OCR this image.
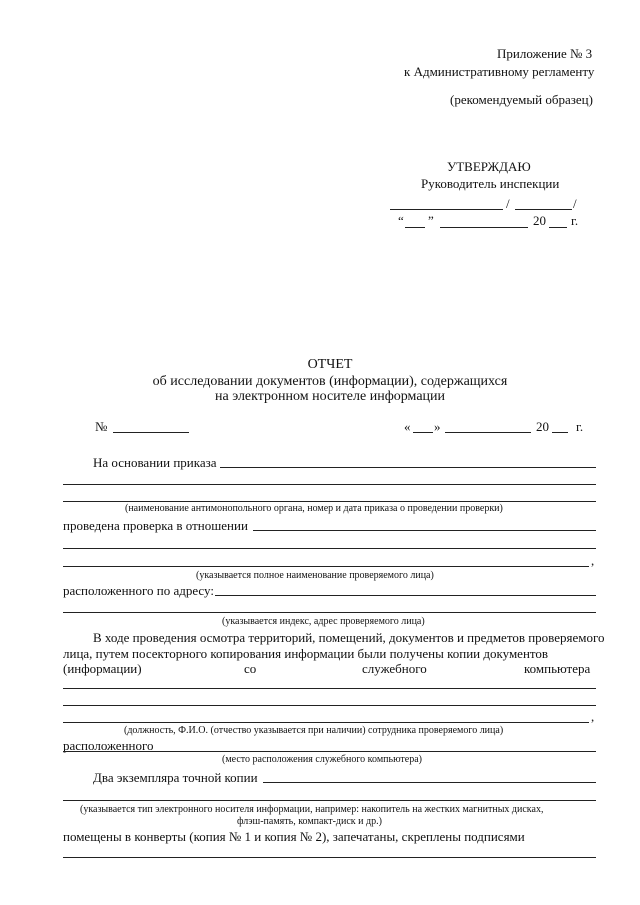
Приложение № 3
к Административному регламенту
(рекомендуемый образец)
УТВЕРЖДАЮ
Руководитель инспекции
/	/
“ ”	20 г.
ОТЧЕТ
об исследовании документов (информации), содержащихся
на электронном носителе информации
№	« »	20 г.
На основании приказа
(наименование антимонопольного органа, номер и дата приказа о проведении проверки)
проведена проверка в отношении
,
(указывается полное наименование проверяемого лица)
расположенного по адресу:
(указывается индекс, адрес проверяемого лица)
В ходе проведения осмотра территорий, помещений, документов и предметов проверяемого
лица, путем посекторного копирования информации были получены копии документов
(информации)	со	служебного	компьютера
,
(должность, Ф.И.О. (отчество указывается при наличии) сотрудника проверяемого лица)
расположенного
(место расположения служебного компьютера)
Два экземпляра точной копии
(указывается тип электронного носителя информации, например: накопитель на жестких магнитных дисках,
флэш-память, компакт-диск и др.)
помещены в конверты (копия № 1 и копия № 2), запечатаны, скреплены подписями
